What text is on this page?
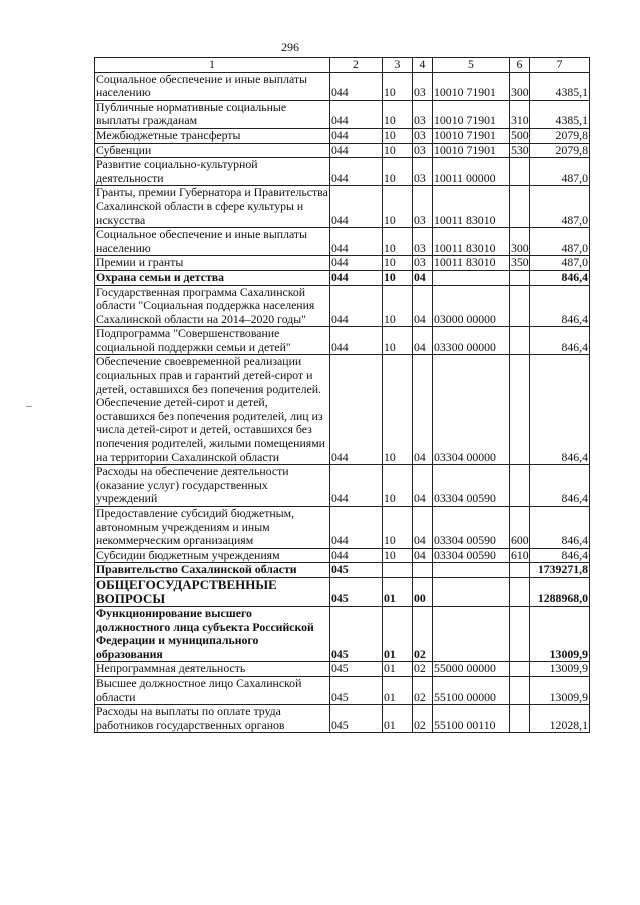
296
1	2	3	4	5	6	7
Социальное обеспечение и иные выплаты населению	044	10	03	10010 71901	300	4385,1
Публичные нормативные социальные выплаты гражданам	044	10	03	10010 71901	310	4385,1
Межбюджетные трансферты	044	10	03	10010 71901	500	2079,8
Субвенции	044	10	03	10010 71901	530	2079,8
Развитие социально-культурной деятельности	044	10	03	10011 00000		487,0
Гранты, премии Губернатора и Правительства Сахалинской области в сфере культуры и искусства	044	10	03	10011 83010		487,0
Социальное обеспечение и иные выплаты населению	044	10	03	10011 83010	300	487,0
Премии и гранты	044	10	03	10011 83010	350	487,0
Охрана семьи и детства	044	10	04			846,4
Государственная программа Сахалинской области "Социальная поддержка населения Сахалинской области на 2014–2020 годы"	044	10	04	03000 00000		846,4
Подпрограмма "Совершенствование социальной поддержки семьи и детей"	044	10	04	03300 00000		846,4
Обеспечение своевременной реализации социальных прав и гарантий детей-сирот и детей, оставшихся без попечения родителей. Обеспечение детей-сирот и детей, оставшихся без попечения родителей, лиц из числа детей-сирот и детей, оставшихся без попечения родителей, жилыми помещениями на территории Сахалинской области	044	10	04	03304 00000		846,4
Расходы на обеспечение деятельности (оказание услуг) государственных учреждений	044	10	04	03304 00590		846,4
Предоставление субсидий бюджетным, автономным учреждениям и иным некоммерческим организациям	044	10	04	03304 00590	600	846,4
Субсидии бюджетным учреждениям	044	10	04	03304 00590	610	846,4
Правительство Сахалинской области	045					1739271,8
ОБЩЕГОСУДАРСТВЕННЫЕ ВОПРОСЫ	045	01	00			1288968,0
Функционирование высшего должностного лица субъекта Российской Федерации и муниципального образования	045	01	02			13009,9
Непрограммная деятельность	045	01	02	55000 00000		13009,9
Высшее должностное лицо Сахалинской области	045	01	02	55100 00000		13009,9
Расходы на выплаты по оплате труда работников государственных органов	045	01	02	55100 00110		12028,1
